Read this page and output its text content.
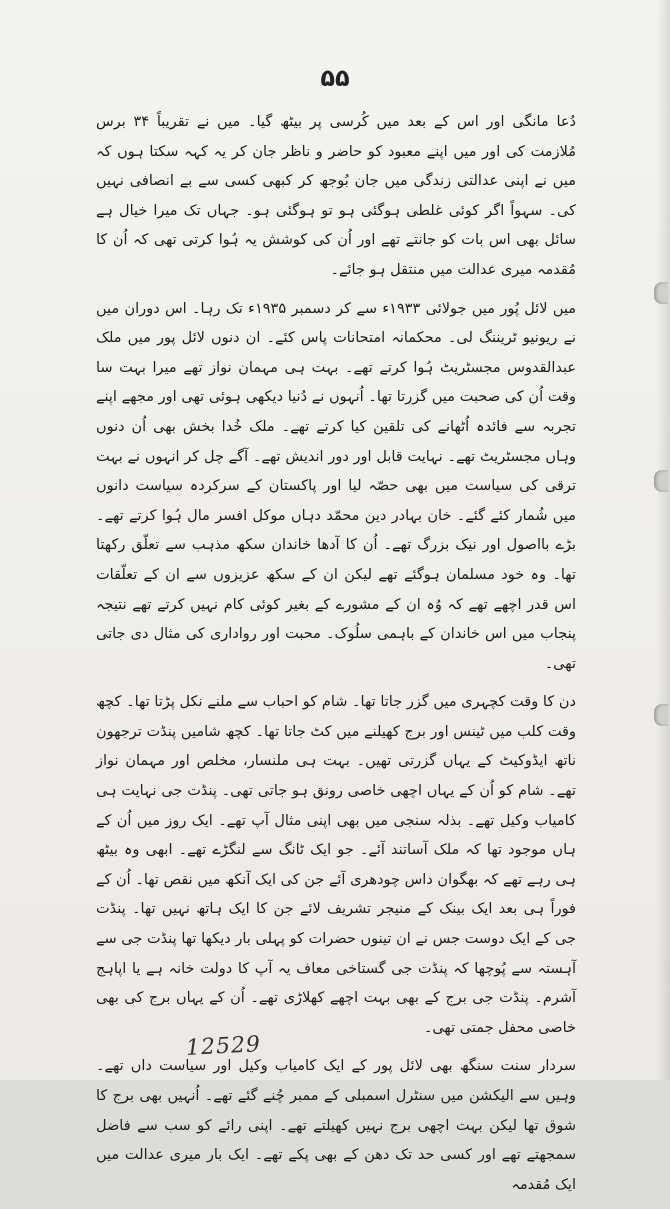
۵۵

دُعا مانگی اور اس کے بعد میں کُرسی پر بیٹھ گیا۔ میں نے تقریباً ۳۴ برس مُلازمت کی اور میں اپنے معبود کو حاضر و ناظر جان کر یہ کہہ سکتا ہوں کہ میں نے اپنی عدالتی زندگی میں جان بُوجھ کر کبھی کسی سے بے انصافی نہیں کی۔ سہواً اگر کوئی غلطی ہوگئی ہو تو ہوگئی ہو۔ جہاں تک میرا خیال ہے سائل بھی اس بات کو جانتے تھے اور اُن کی کوشش یہ ہُوا کرتی تھی کہ اُن کا مُقدمہ میری عدالت میں منتقل ہو جائے۔

میں لائل پُور میں جولائی ۱۹۳۳ء سے کر دسمبر ۱۹۳۵ء تک رہا۔ اس دوران میں نے ریونیو ٹریننگ لی۔ محکمانہ امتحانات پاس کئے۔ ان دنوں لائل پور میں ملک عبدالقدوس مجسٹریٹ ہُوا کرتے تھے۔ بہت ہی مہمان نواز تھے میرا بہت سا وقت اُن کی صحبت میں گزرتا تھا۔ اُنہوں نے دُنیا دیکھی ہوئی تھی اور مجھے اپنے تجربہ سے فائدہ اُٹھانے کی تلقین کیا کرتے تھے۔ ملک خُدا بخش بھی اُن دنوں وہاں مجسٹریٹ تھے۔ نہایت قابل اور دور اندیش تھے۔ آگے چل کر انہوں نے بہت ترقی کی سیاست میں بھی حصّہ لیا اور پاکستان کے سرکردہ سیاست دانوں میں شُمار کئے گئے۔ خان بہادر دین محمّد دہاں موکل افسر مال ہُوا کرتے تھے۔ بڑے بااصول اور نیک بزرگ تھے۔ اُن کا آدھا خاندان سکھ مذہب سے تعلّق رکھتا تھا۔ وہ خود مسلمان ہوگئے تھے لیکن ان کے سکھ عزیزوں سے ان کے تعلّقات اس قدر اچھے تھے کہ وُہ ان کے مشورے کے بغیر کوئی کام نہیں کرتے تھے نتیجہ پنجاب میں اس خاندان کے باہمی سلُوک۔ محبت اور رواداری کی مثال دی جاتی تھی۔

دن کا وقت کچہری میں گزر جاتا تھا۔ شام کو احباب سے ملنے نکل پڑتا تھا۔ کچھ وقت کلب میں ٹینس اور برج کھیلنے میں کٹ جاتا تھا۔ کچھ شامیں پنڈت ترجھون ناتھ ایڈوکیٹ کے یہاں گزرتی تھیں۔ بہت ہی ملنسار، مخلص اور مہمان نواز تھے۔ شام کو اُن کے یہاں اچھی خاصی رونق ہو جاتی تھی۔ پنڈت جی نہایت ہی کامیاب وکیل تھے۔ بذلہ سنجی میں بھی اپنی مثال آپ تھے۔ ایک روز میں اُن کے ہاں موجود تھا کہ ملک آساتند آئے۔ جو ایک ٹانگ سے لنگڑے تھے۔ ابھی وہ بیٹھ ہی رہے تھے کہ بھگوان داس چودھری آئے جن کی ایک آنکھ میں نقص تھا۔ اُن کے فوراً ہی بعد ایک بینک کے منیجر تشریف لائے جن کا ایک ہاتھ نہیں تھا۔ پنڈت جی کے ایک دوست جس نے ان تینوں حضرات کو پہلی بار دیکھا تھا پنڈت جی سے آہستہ سے پُوچھا کہ پنڈت جی گستاخی معاف یہ آپ کا دولت خانہ ہے یا اپاہج آشرم۔ پنڈت جی برج کے بھی بہت اچھے کھلاڑی تھے۔ اُن کے یہاں برج کی بھی خاصی محفل جمتی تھی۔

سردار سنت سنگھ بھی لائل پور کے ایک کامیاب وکیل اور سیاست داں تھے۔ وہیں سے الیکشن میں سنٹرل اسمبلی کے ممبر چُنے گئے تھے۔ اُنہیں بھی برج کا شوق تھا لیکن بہت اچھی برج نہیں کھیلتے تھے۔ اپنی رائے کو سب سے فاضل سمجھتے تھے اور کسی حد تک دھن کے بھی پکے تھے۔ ایک بار میری عدالت میں ایک مُقدمہ

12529
